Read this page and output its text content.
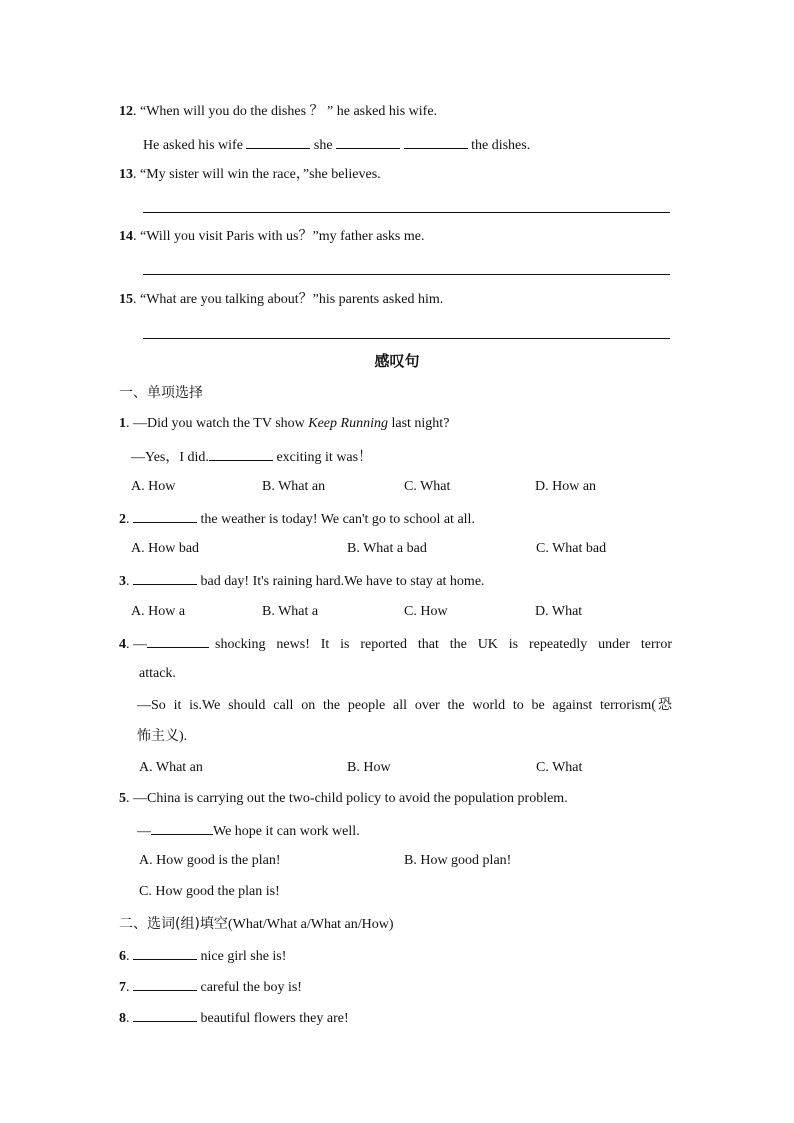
12. “When will you do the dishes ？ ” he asked his wife.
He asked his wife	she	the dishes.
13. “My sister will win the race，”she believes.
14. “Will you visit Paris with us？”my father asks me.
15. “What are you talking about？”his parents asked him.
感叹句
一、单项选择
1. —Did you watch the TV show Keep Running last night?
—Yes，I did.	exciting it was！
A. How	B. What an	C. What	D. How an
2.	the weather is today! We can't go to school at all.
A. How bad	B. What a bad	C. What bad
3.	bad day! It's raining hard.We have to stay at home.
A. How a	B. What a	C. How	D. What
4 . —	shocking news! It is reported that the UK is repeatedly under terror
attack.
—So it is.We should call on the people all over the world to be against terrorism( 恐
怖主义).
A. What an	B. How	C. What
5. —China is carrying out the two-child policy to avoid the population problem.
—	We hope it can work well.
A. How good is the plan!	B. How good plan!
C. How good the plan is!
二、选词(组)填空(What/What a/What an/How)
6.	nice girl she is!
7.	careful the boy is!
8.	beautiful flowers they are!
